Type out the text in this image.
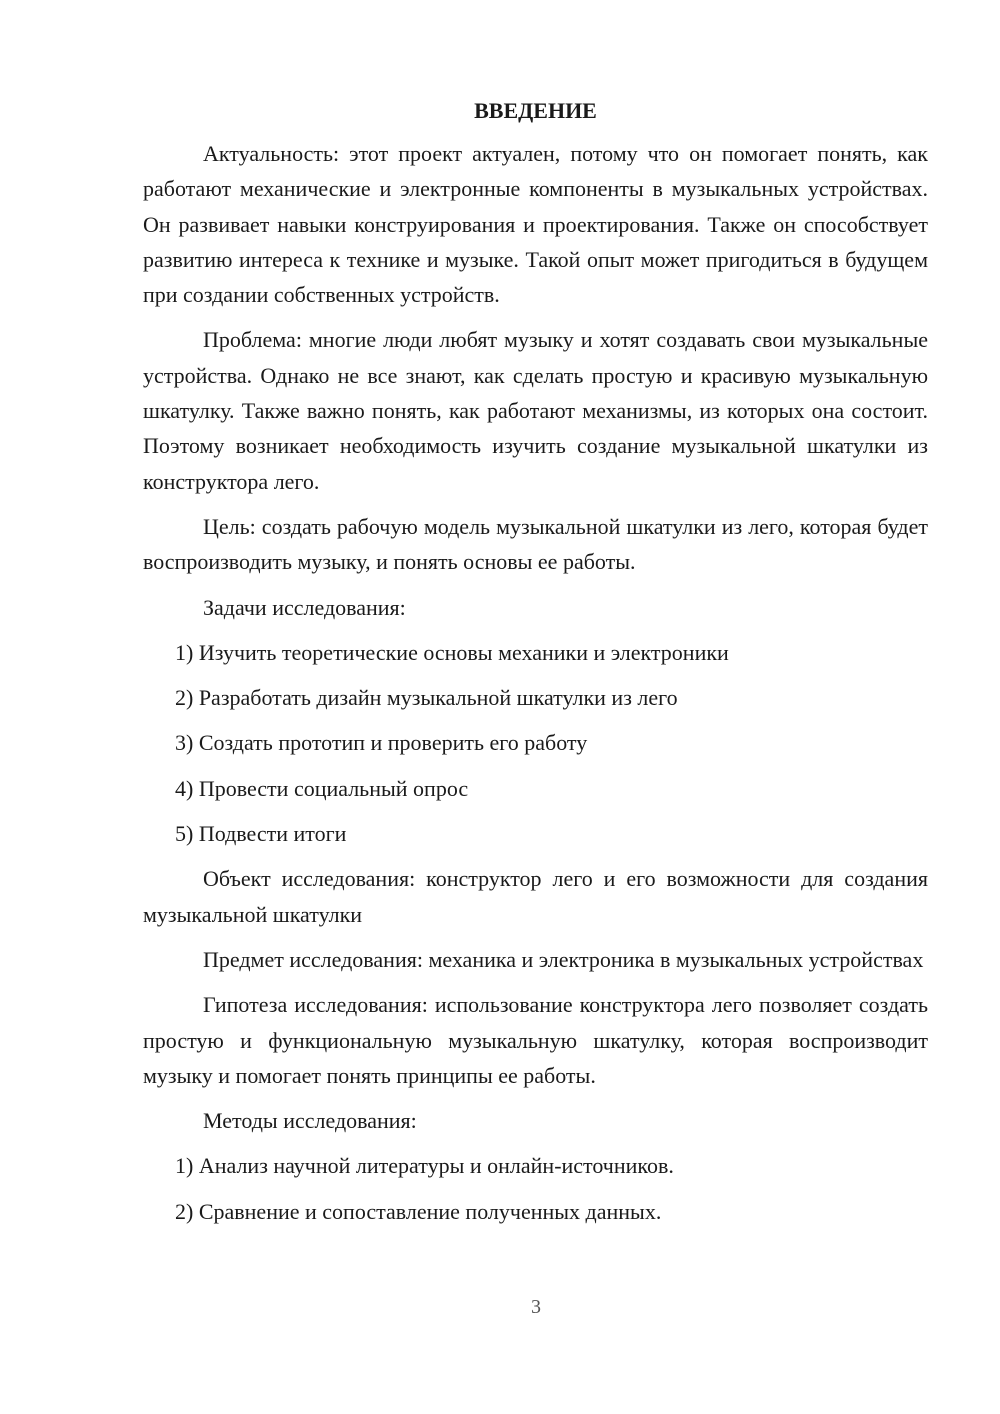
ВВЕДЕНИЕ

Актуальность: этот проект актуален, потому что он помогает понять, как работают механические и электронные компоненты в музыкальных устройствах. Он развивает навыки конструирования и проектирования. Также он способствует развитию интереса к технике и музыке. Такой опыт может пригодиться в будущем при создании собственных устройств.

Проблема: многие люди любят музыку и хотят создавать свои музыкальные устройства. Однако не все знают, как сделать простую и красивую музыкальную шкатулку. Также важно понять, как работают механизмы, из которых она состоит. Поэтому возникает необходимость изучить создание музыкальной шкатулки из конструктора лего.

Цель: создать рабочую модель музыкальной шкатулки из лего, которая будет воспроизводить музыку, и понять основы ее работы.

Задачи исследования:

1) Изучить теоретические основы механики и электроники
2) Разработать дизайн музыкальной шкатулки из лего
3) Создать прототип и проверить его работу
4) Провести социальный опрос
5) Подвести итоги

Объект исследования: конструктор лего и его возможности для создания музыкальной шкатулки

Предмет исследования: механика и электроника в музыкальных устройствах

Гипотеза исследования: использование конструктора лего позволяет создать простую и функциональную музыкальную шкатулку, которая воспроизводит музыку и помогает понять принципы ее работы.

Методы исследования:

1) Анализ научной литературы и онлайн-источников.
2) Сравнение и сопоставление полученных данных.
3
